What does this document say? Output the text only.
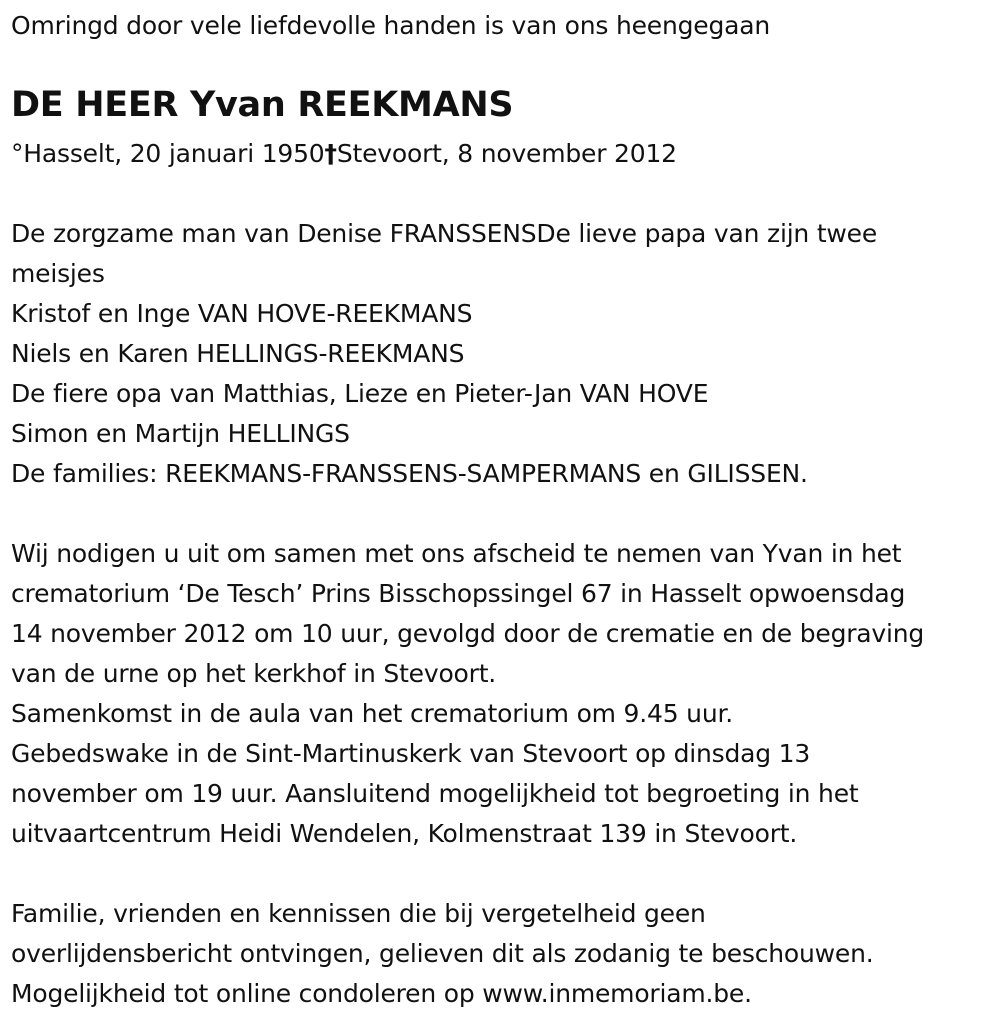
Omringd door vele liefdevolle handen is van ons heengegaan
DE HEER Yvan REEKMANS
°Hasselt, 20 januari 1950†Stevoort, 8 november 2012
De zorgzame man van Denise FRANSSENSDe lieve papa van zijn twee
meisjes
Kristof en Inge VAN HOVE-REEKMANS
Niels en Karen HELLINGS-REEKMANS
De fiere opa van Matthias, Lieze en Pieter-Jan VAN HOVE
Simon en Martijn HELLINGS
De families: REEKMANS-FRANSSENS-SAMPERMANS en GILISSEN.
Wij nodigen u uit om samen met ons afscheid te nemen van Yvan in het
crematorium ‘De Tesch’ Prins Bisschopssingel 67 in Hasselt opwoensdag
14 november 2012 om 10 uur, gevolgd door de crematie en de begraving
van de urne op het kerkhof in Stevoort.
Samenkomst in de aula van het crematorium om 9.45 uur.
Gebedswake in de Sint-Martinuskerk van Stevoort op dinsdag 13
november om 19 uur. Aansluitend mogelijkheid tot begroeting in het
uitvaartcentrum Heidi Wendelen, Kolmenstraat 139 in Stevoort.
Familie, vrienden en kennissen die bij vergetelheid geen
overlijdensbericht ontvingen, gelieven dit als zodanig te beschouwen.
Mogelijkheid tot online condoleren op www.inmemoriam.be.
